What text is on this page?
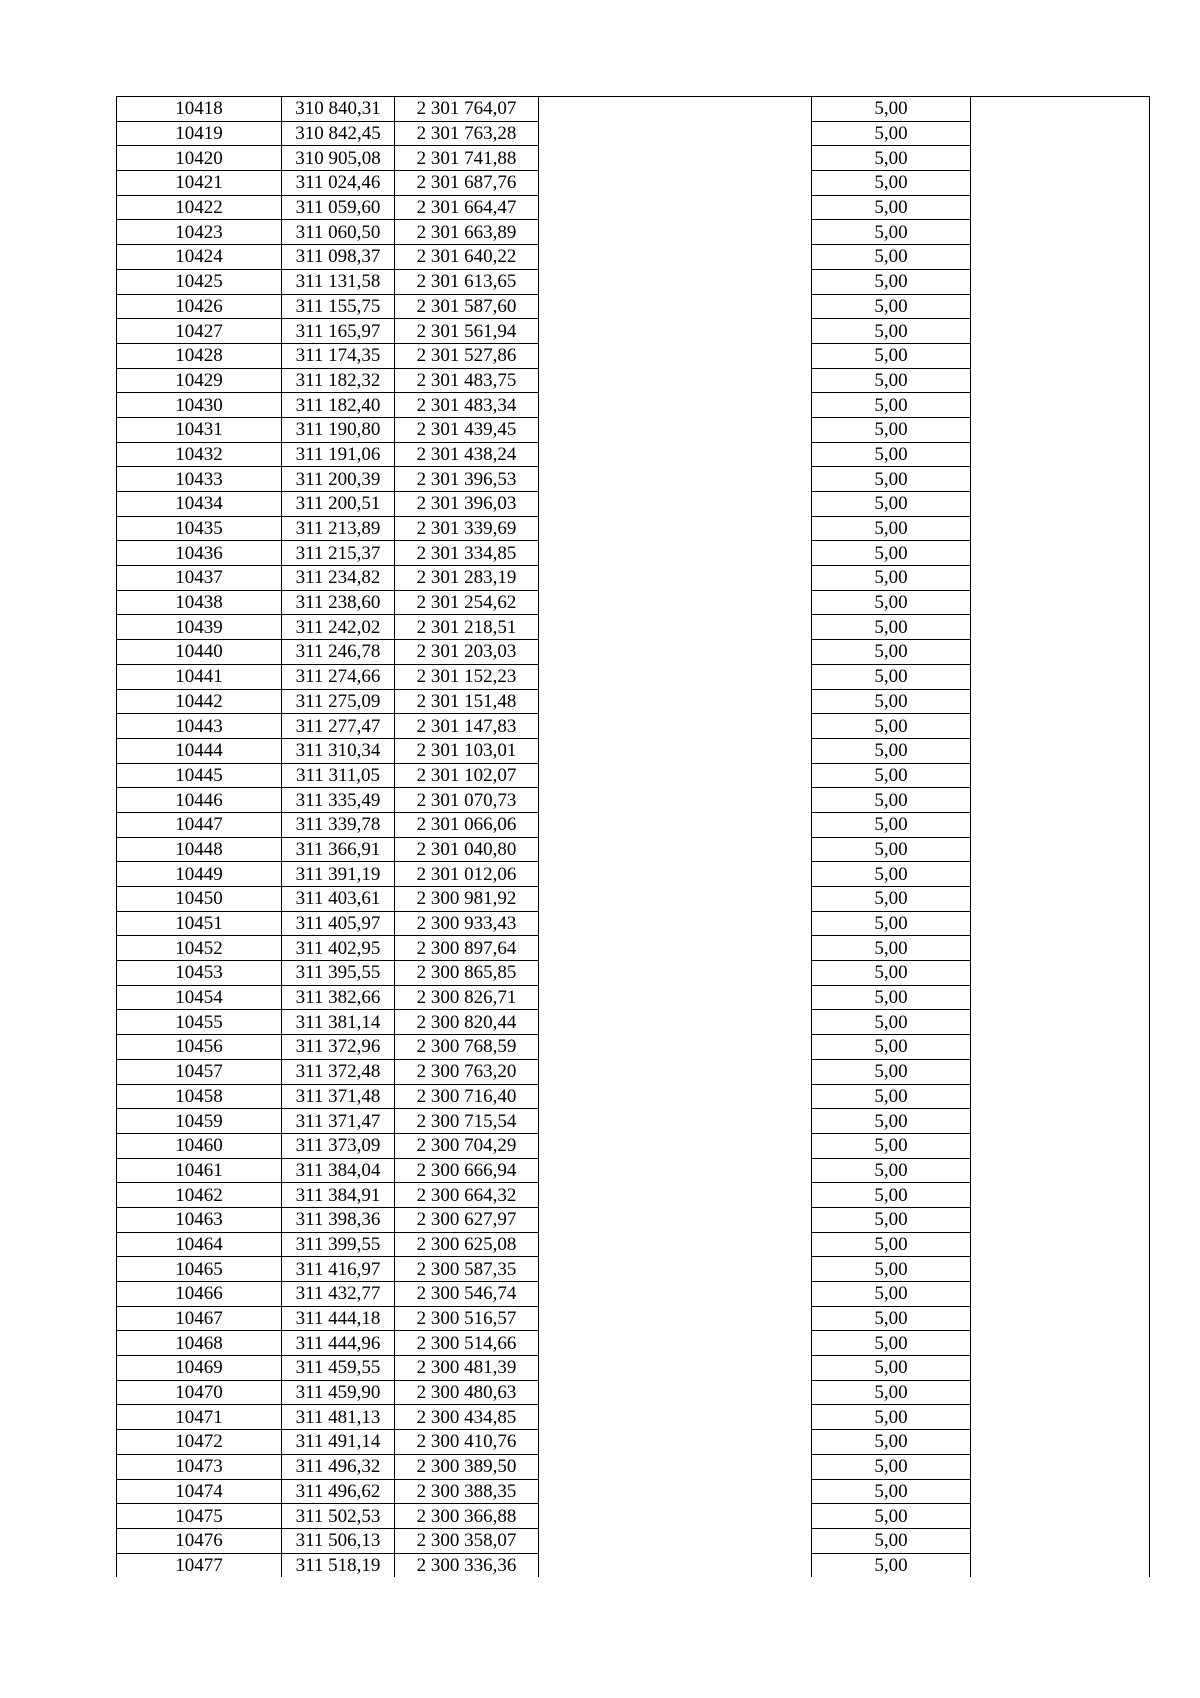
10418	310 840,31	2 301 764,07		5,00	
10419	310 842,45	2 301 763,28		5,00	
10420	310 905,08	2 301 741,88		5,00	
10421	311 024,46	2 301 687,76		5,00	
10422	311 059,60	2 301 664,47		5,00	
10423	311 060,50	2 301 663,89		5,00	
10424	311 098,37	2 301 640,22		5,00	
10425	311 131,58	2 301 613,65		5,00	
10426	311 155,75	2 301 587,60		5,00	
10427	311 165,97	2 301 561,94		5,00	
10428	311 174,35	2 301 527,86		5,00	
10429	311 182,32	2 301 483,75		5,00	
10430	311 182,40	2 301 483,34		5,00	
10431	311 190,80	2 301 439,45		5,00	
10432	311 191,06	2 301 438,24		5,00	
10433	311 200,39	2 301 396,53		5,00	
10434	311 200,51	2 301 396,03		5,00	
10435	311 213,89	2 301 339,69		5,00	
10436	311 215,37	2 301 334,85		5,00	
10437	311 234,82	2 301 283,19		5,00	
10438	311 238,60	2 301 254,62		5,00	
10439	311 242,02	2 301 218,51		5,00	
10440	311 246,78	2 301 203,03		5,00	
10441	311 274,66	2 301 152,23		5,00	
10442	311 275,09	2 301 151,48		5,00	
10443	311 277,47	2 301 147,83		5,00	
10444	311 310,34	2 301 103,01		5,00	
10445	311 311,05	2 301 102,07		5,00	
10446	311 335,49	2 301 070,73		5,00	
10447	311 339,78	2 301 066,06		5,00	
10448	311 366,91	2 301 040,80		5,00	
10449	311 391,19	2 301 012,06		5,00	
10450	311 403,61	2 300 981,92		5,00	
10451	311 405,97	2 300 933,43		5,00	
10452	311 402,95	2 300 897,64		5,00	
10453	311 395,55	2 300 865,85		5,00	
10454	311 382,66	2 300 826,71		5,00	
10455	311 381,14	2 300 820,44		5,00	
10456	311 372,96	2 300 768,59		5,00	
10457	311 372,48	2 300 763,20		5,00	
10458	311 371,48	2 300 716,40		5,00	
10459	311 371,47	2 300 715,54		5,00	
10460	311 373,09	2 300 704,29		5,00	
10461	311 384,04	2 300 666,94		5,00	
10462	311 384,91	2 300 664,32		5,00	
10463	311 398,36	2 300 627,97		5,00	
10464	311 399,55	2 300 625,08		5,00	
10465	311 416,97	2 300 587,35		5,00	
10466	311 432,77	2 300 546,74		5,00	
10467	311 444,18	2 300 516,57		5,00	
10468	311 444,96	2 300 514,66		5,00	
10469	311 459,55	2 300 481,39		5,00	
10470	311 459,90	2 300 480,63		5,00	
10471	311 481,13	2 300 434,85		5,00	
10472	311 491,14	2 300 410,76		5,00	
10473	311 496,32	2 300 389,50		5,00	
10474	311 496,62	2 300 388,35		5,00	
10475	311 502,53	2 300 366,88		5,00	
10476	311 506,13	2 300 358,07		5,00	
10477	311 518,19	2 300 336,36		5,00	
